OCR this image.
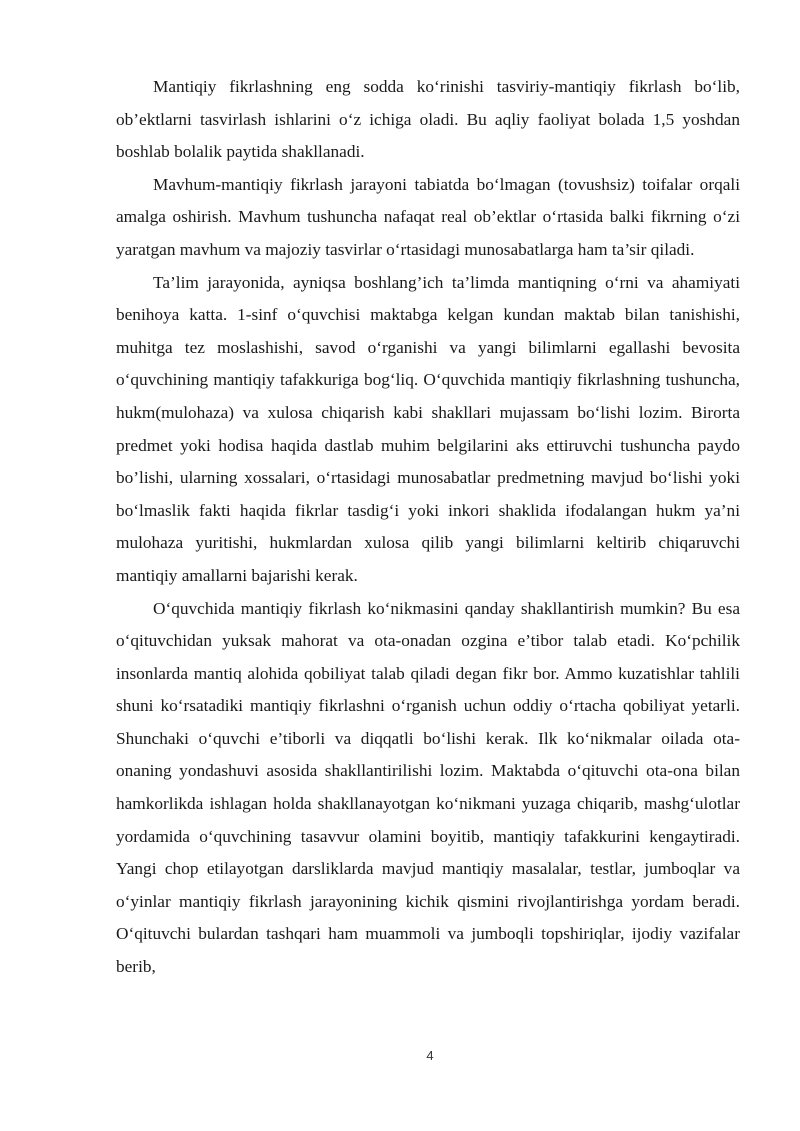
Mantiqiy fikrlashning eng sodda ko‘rinishi tasviriy-mantiqiy fikrlash bo‘lib, ob’ektlarni tasvirlash ishlarini o‘z ichiga oladi. Bu aqliy faoliyat bolada 1,5 yoshdan boshlab bolalik paytida shakllanadi.

Mavhum-mantiqiy fikrlash jarayoni tabiatda bo‘lmagan (tovushsiz) toifalar orqali amalga oshirish. Mavhum tushuncha nafaqat real ob’ektlar o‘rtasida balki fikrning o‘zi yaratgan mavhum va majoziy tasvirlar o‘rtasidagi munosabatlarga ham ta’sir qiladi.

Ta’lim jarayonida, ayniqsa boshlang’ich ta’limda mantiqning o‘rni va ahamiyati benihoya katta. 1-sinf o‘quvchisi maktabga kelgan kundan maktab bilan tanishishi, muhitga tez moslashishi, savod o‘rganishi va yangi bilimlarni egallashi bevosita o‘quvchining mantiqiy tafakkuriga bog‘liq. O‘quvchida mantiqiy fikrlashning tushuncha, hukm(mulohaza) va xulosa chiqarish kabi shakllari mujassam bo‘lishi lozim. Birorta predmet yoki hodisa haqida dastlab muhim belgilarini aks ettiruvchi tushuncha paydo bo’lishi, ularning xossalari, o‘rtasidagi munosabatlar predmetning mavjud bo‘lishi yoki bo‘lmaslik fakti haqida fikrlar tasdig‘i yoki inkori shaklida ifodalangan hukm ya’ni mulohaza yuritishi, hukmlardan xulosa qilib yangi bilimlarni keltirib chiqaruvchi mantiqiy amallarni bajarishi kerak.

O‘quvchida mantiqiy fikrlash ko‘nikmasini qanday shakllantirish mumkin? Bu esa o‘qituvchidan yuksak mahorat va ota-onadan ozgina e’tibor talab etadi. Ko‘pchilik insonlarda mantiq alohida qobiliyat talab qiladi degan fikr bor. Ammo kuzatishlar tahlili shuni ko‘rsatadiki mantiqiy fikrlashni o‘rganish uchun oddiy o‘rtacha qobiliyat yetarli. Shunchaki o‘quvchi e’tiborli va diqqatli bo‘lishi kerak. Ilk ko‘nikmalar oilada ota-onaning yondashuvi asosida shakllantirilishi lozim. Maktabda o‘qituvchi ota-ona bilan hamkorlikda ishlagan holda shakllanayotgan ko‘nikmani yuzaga chiqarib, mashg‘ulotlar yordamida o‘quvchining tasavvur olamini boyitib, mantiqiy tafakkurini kengaytiradi. Yangi chop etilayotgan darsliklarda mavjud mantiqiy masalalar, testlar, jumboqlar va o‘yinlar mantiqiy fikrlash jarayonining kichik qismini rivojlantirishga yordam beradi. O‘qituvchi bulardan tashqari ham muammoli va jumboqli topshiriqlar, ijodiy vazifalar berib,

4
